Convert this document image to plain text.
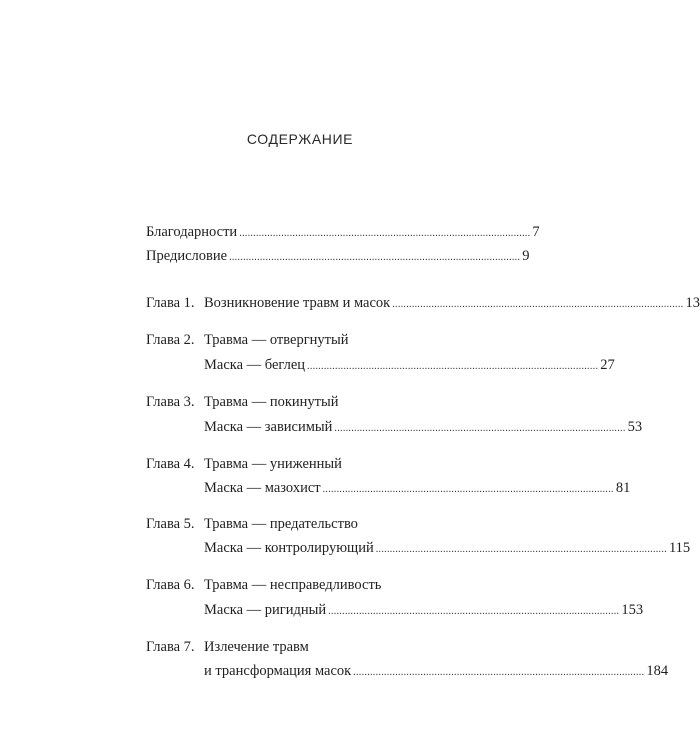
СОДЕРЖАНИЕ
Благодарности ........................................................................................................ 7
Предисловие ........................................................................................................ 9
Глава 1. Возникновение травм и масок ........................................................................................................ 13
Глава 2. Травма — отвергнутый
Маска — беглец ........................................................................................................ 27
Глава 3. Травма — покинутый
Маска — зависимый ........................................................................................................ 53
Глава 4. Травма — униженный
Маска — мазохист ........................................................................................................ 81
Глава 5. Травма — предательство
Маска — контролирующий ........................................................................................................ 115
Глава 6. Травма — несправедливость
Маска — ригидный ........................................................................................................ 153
Глава 7. Излечение травм
и трансформация масок ........................................................................................................ 184
